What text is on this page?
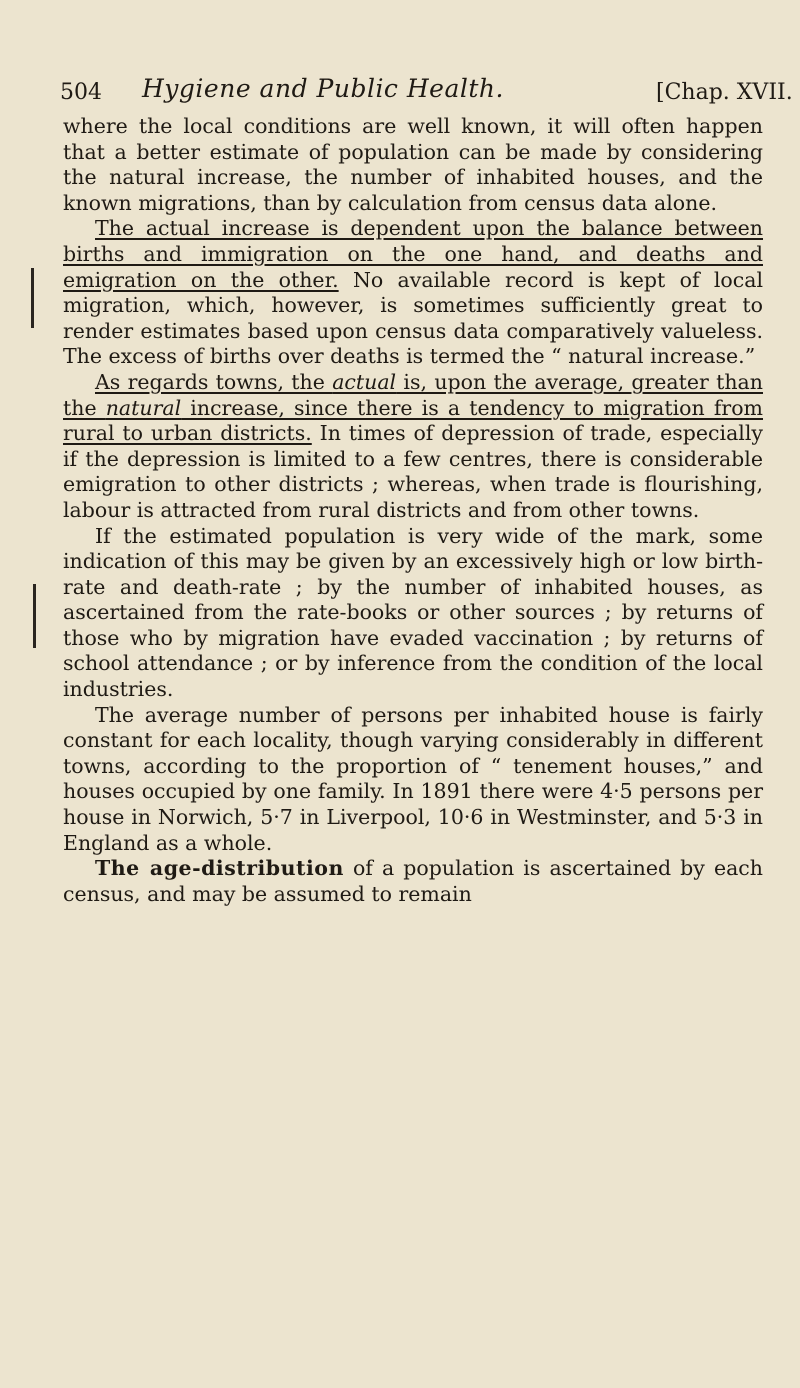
504 Hygiene and Public Health.	[Chap. XVII.

where the local conditions are well known, it will often happen that a better estimate of population can be made by considering the natural increase, the number of inhabited houses, and the known migrations, than by calculation from census data alone.

The actual increase is dependent upon the balance between births and immigration on the one hand, and deaths and emigration on the other. No available record is kept of local migration, which, however, is sometimes sufficiently great to render estimates based upon census data comparatively valueless. The excess of births over deaths is termed the “ natural increase.”

As regards towns, the actual is, upon the average, greater than the natural increase, since there is a tendency to migration from rural to urban districts. In times of depression of trade, especially if the depression is limited to a few centres, there is considerable emigration to other districts ; whereas, when trade is flourishing, labour is attracted from rural districts and from other towns.

If the estimated population is very wide of the mark, some indication of this may be given by an excessively high or low birth-rate and death-rate ; by the number of inhabited houses, as ascertained from the rate-books or other sources ; by returns of those who by migration have evaded vaccination ; by returns of school attendance ; or by inference from the condition of the local industries.

The average number of persons per inhabited house is fairly constant for each locality, though varying considerably in different towns, according to the proportion of “ tenement houses,” and houses occupied by one family. In 1891 there were 4·5 persons per house in Norwich, 5·7 in Liverpool, 10·6 in Westminster, and 5·3 in England as a whole.

The age-distribution of a population is ascertained by each census, and may be assumed to remain
